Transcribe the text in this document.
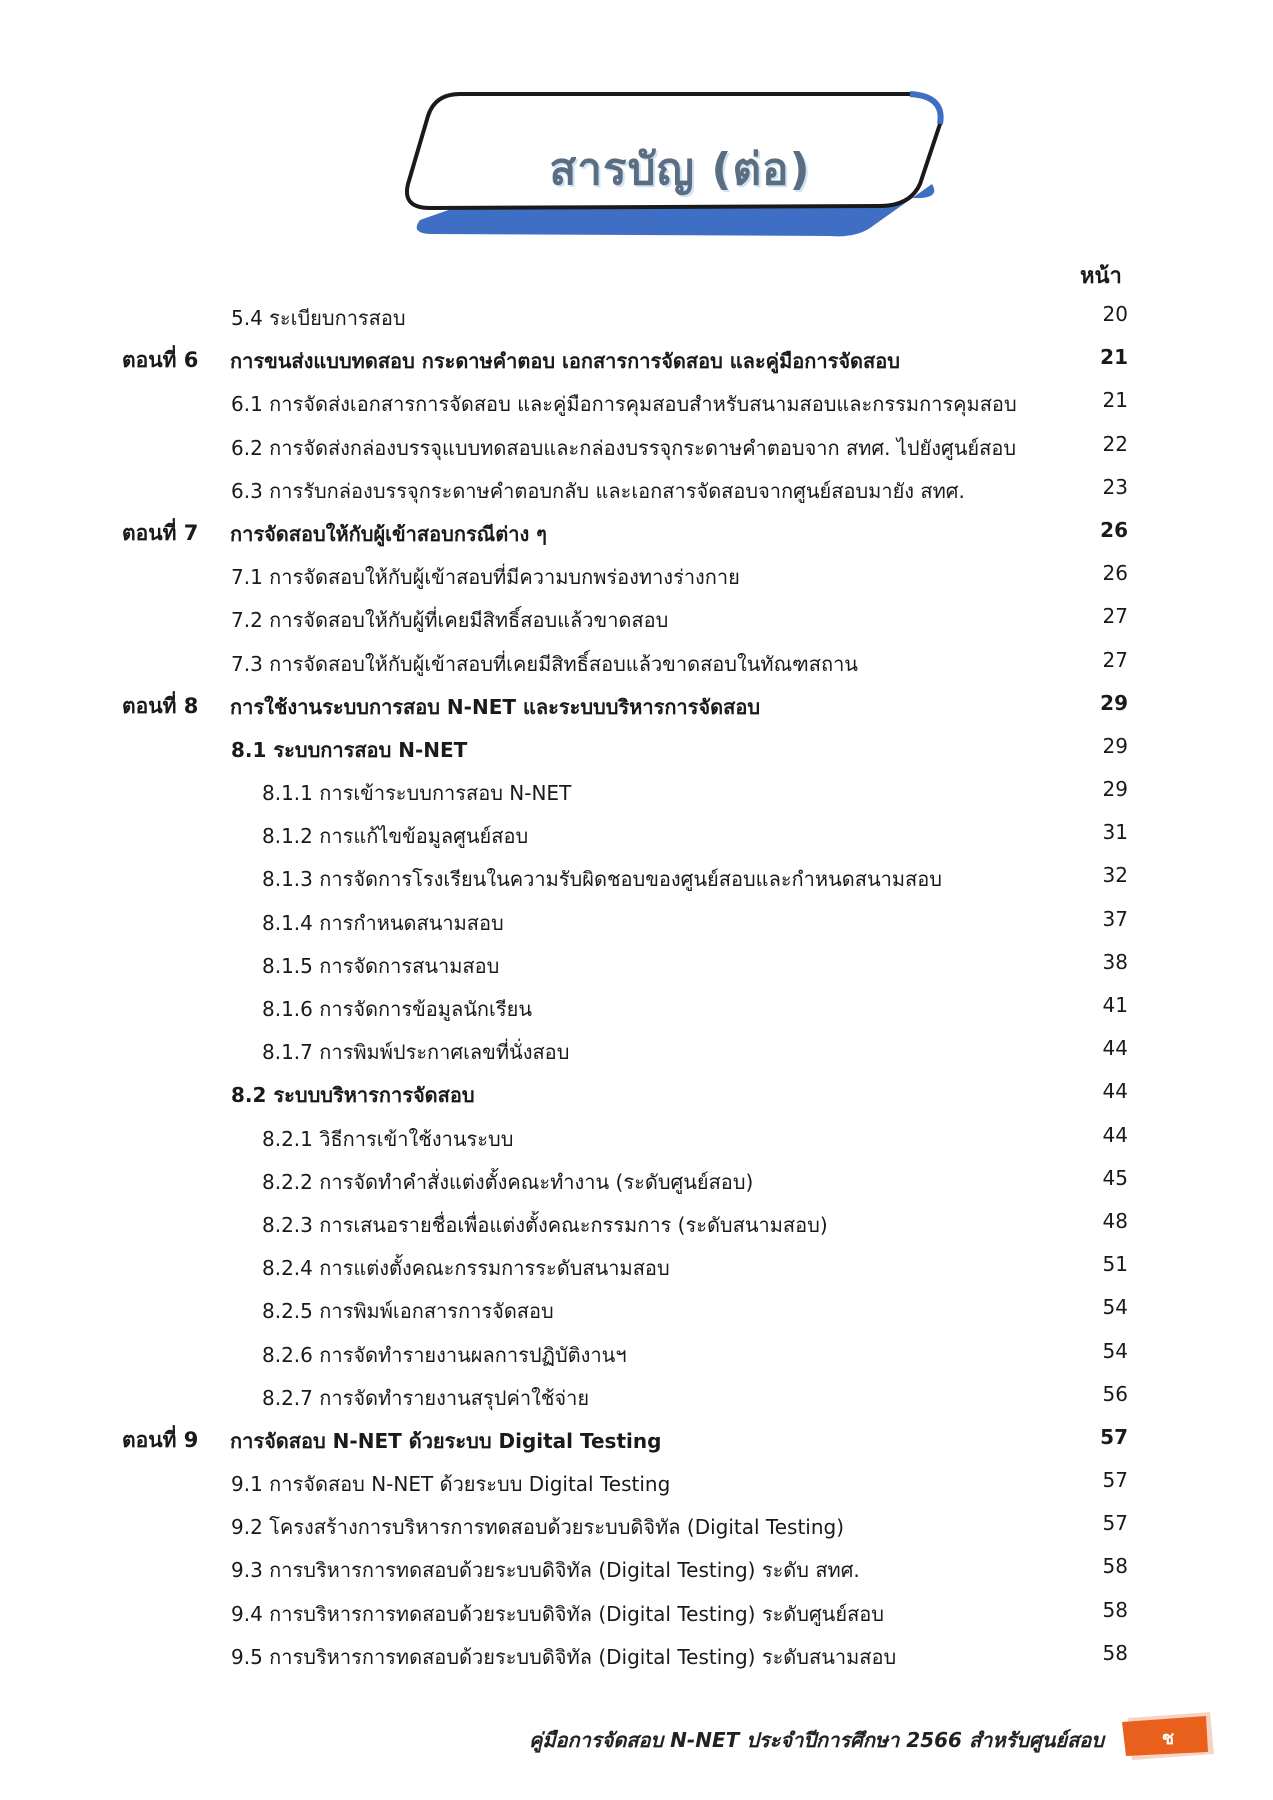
สารบัญ (ต่อ)
หน้า
5.4 ระเบียบการสอบ	20
ตอนที่ 6 การขนส่งแบบทดสอบ กระดาษคำตอบ เอกสารการจัดสอบ และคู่มือการจัดสอบ	21
6.1 การจัดส่งเอกสารการจัดสอบ และคู่มือการคุมสอบสำหรับสนามสอบและกรรมการคุมสอบ	21
6.2 การจัดส่งกล่องบรรจุแบบทดสอบและกล่องบรรจุกระดาษคำตอบจาก สทศ. ไปยังศูนย์สอบ	22
6.3 การรับกล่องบรรจุกระดาษคำตอบกลับ และเอกสารจัดสอบจากศูนย์สอบมายัง สทศ.	23
ตอนที่ 7 การจัดสอบให้กับผู้เข้าสอบกรณีต่าง ๆ	26
7.1 การจัดสอบให้กับผู้เข้าสอบที่มีความบกพร่องทางร่างกาย	26
7.2 การจัดสอบให้กับผู้ที่เคยมีสิทธิ์สอบแล้วขาดสอบ	27
7.3 การจัดสอบให้กับผู้เข้าสอบที่เคยมีสิทธิ์สอบแล้วขาดสอบในทัณฑสถาน	27
ตอนที่ 8 การใช้งานระบบการสอบ N-NET และระบบบริหารการจัดสอบ	29
8.1 ระบบการสอบ N-NET	29
8.1.1 การเข้าระบบการสอบ N-NET	29
8.1.2 การแก้ไขข้อมูลศูนย์สอบ	31
8.1.3 การจัดการโรงเรียนในความรับผิดชอบของศูนย์สอบและกำหนดสนามสอบ	32
8.1.4 การกำหนดสนามสอบ	37
8.1.5 การจัดการสนามสอบ	38
8.1.6 การจัดการข้อมูลนักเรียน	41
8.1.7 การพิมพ์ประกาศเลขที่นั่งสอบ	44
8.2 ระบบบริหารการจัดสอบ	44
8.2.1 วิธีการเข้าใช้งานระบบ	44
8.2.2 การจัดทำคำสั่งแต่งตั้งคณะทำงาน (ระดับศูนย์สอบ)	45
8.2.3 การเสนอรายชื่อเพื่อแต่งตั้งคณะกรรมการ (ระดับสนามสอบ)	48
8.2.4 การแต่งตั้งคณะกรรมการระดับสนามสอบ	51
8.2.5 การพิมพ์เอกสารการจัดสอบ	54
8.2.6 การจัดทำรายงานผลการปฏิบัติงานฯ	54
8.2.7 การจัดทำรายงานสรุปค่าใช้จ่าย	56
ตอนที่ 9 การจัดสอบ N-NET ด้วยระบบ Digital Testing	57
9.1 การจัดสอบ N-NET ด้วยระบบ Digital Testing	57
9.2 โครงสร้างการบริหารการทดสอบด้วยระบบดิจิทัล (Digital Testing)	57
9.3 การบริหารการทดสอบด้วยระบบดิจิทัล (Digital Testing) ระดับ สทศ.	58
9.4 การบริหารการทดสอบด้วยระบบดิจิทัล (Digital Testing) ระดับศูนย์สอบ	58
9.5 การบริหารการทดสอบด้วยระบบดิจิทัล (Digital Testing) ระดับสนามสอบ	58
คู่มือการจัดสอบ N-NET ประจำปีการศึกษา 2566 สำหรับศูนย์สอบ	ช
